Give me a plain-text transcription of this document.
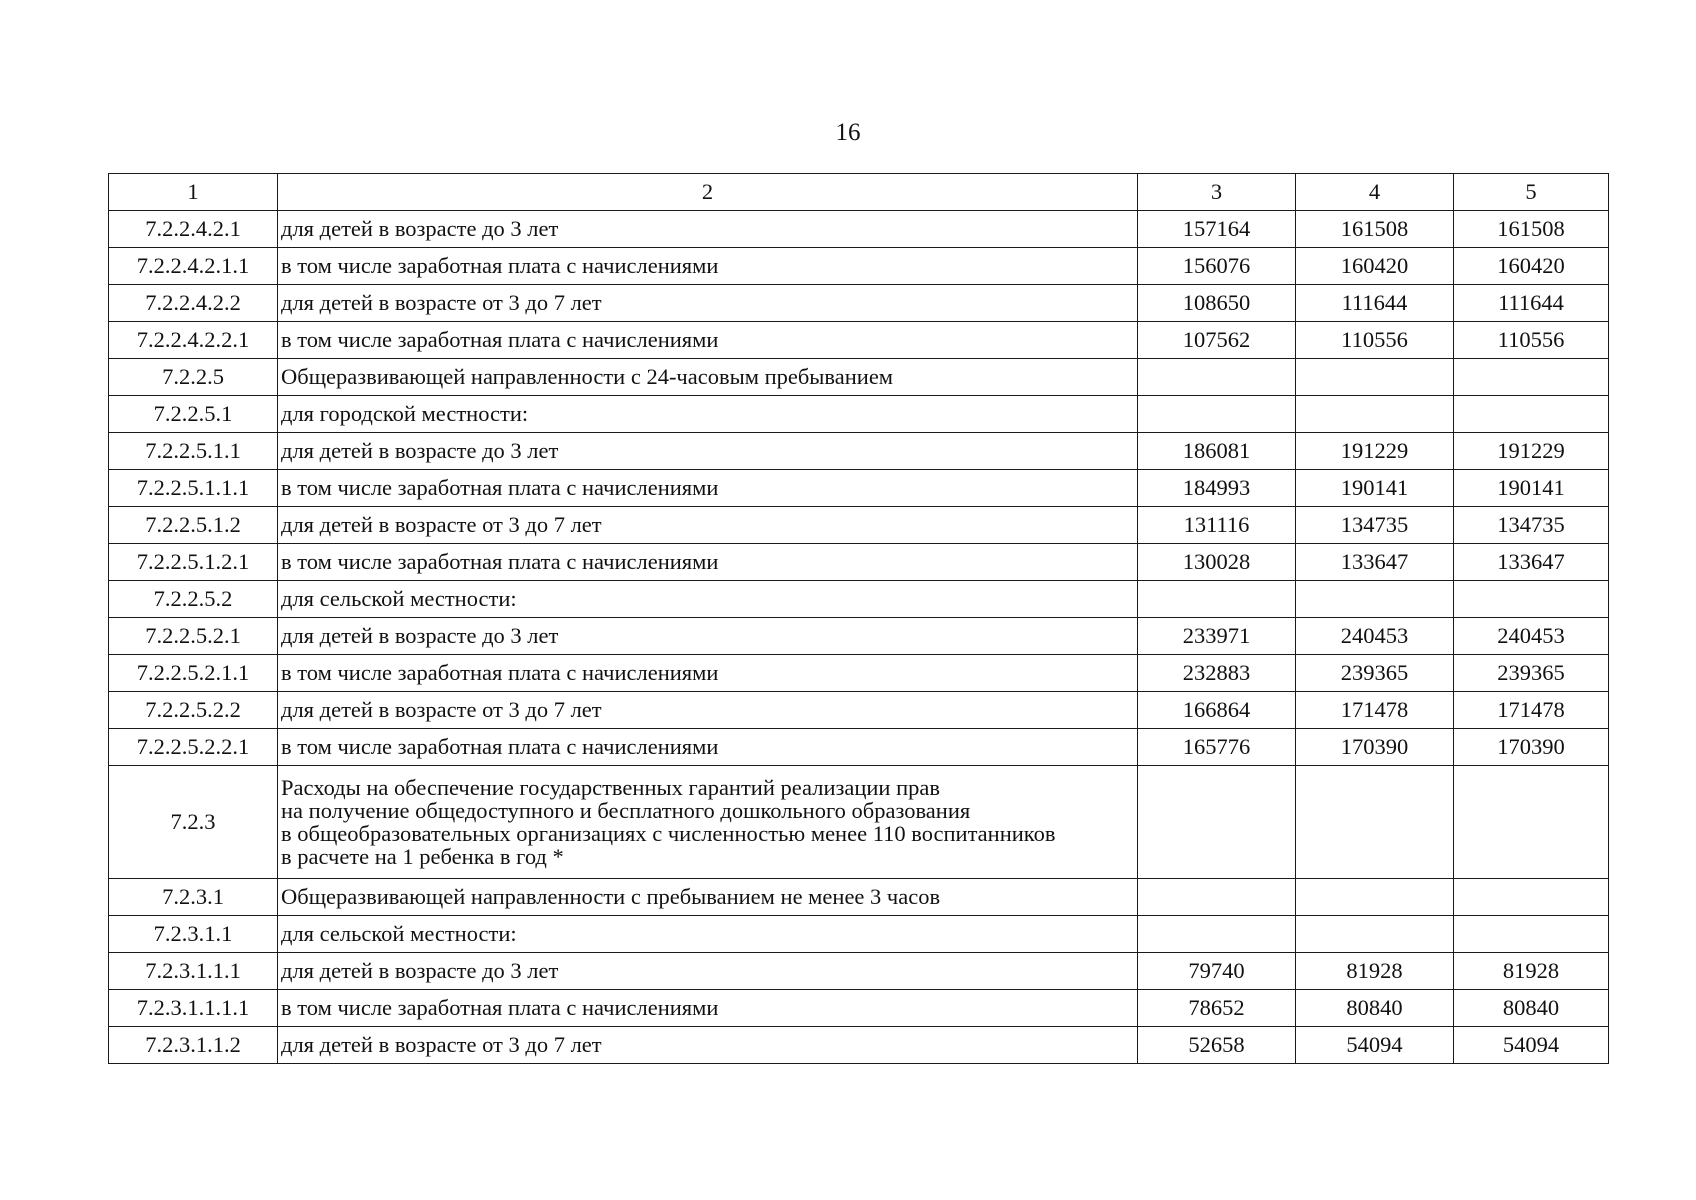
16
1	2	3	4	5
7.2.2.4.2.1	для детей в возрасте до 3 лет	157164	161508	161508
7.2.2.4.2.1.1	в том числе заработная плата с начислениями	156076	160420	160420
7.2.2.4.2.2	для детей в возрасте от 3 до 7 лет	108650	111644	111644
7.2.2.4.2.2.1	в том числе заработная плата с начислениями	107562	110556	110556
7.2.2.5	Общеразвивающей направленности с 24-часовым пребыванием			
7.2.2.5.1	для городской местности:			
7.2.2.5.1.1	для детей в возрасте до 3 лет	186081	191229	191229
7.2.2.5.1.1.1	в том числе заработная плата с начислениями	184993	190141	190141
7.2.2.5.1.2	для детей в возрасте от 3 до 7 лет	131116	134735	134735
7.2.2.5.1.2.1	в том числе заработная плата с начислениями	130028	133647	133647
7.2.2.5.2	для сельской местности:			
7.2.2.5.2.1	для детей в возрасте до 3 лет	233971	240453	240453
7.2.2.5.2.1.1	в том числе заработная плата с начислениями	232883	239365	239365
7.2.2.5.2.2	для детей в возрасте от 3 до 7 лет	166864	171478	171478
7.2.2.5.2.2.1	в том числе заработная плата с начислениями	165776	170390	170390
7.2.3	Расходы на обеспечение государственных гарантий реализации прав
на получение общедоступного и бесплатного дошкольного образования
в общеобразовательных организациях с численностью менее 110 воспитанников
в расчете на 1 ребенка в год *			

7.2.3.1	Общеразвивающей направленности с пребыванием не менее 3 часов			
7.2.3.1.1	для сельской местности:			
7.2.3.1.1.1	для детей в возрасте до 3 лет	79740	81928	81928
7.2.3.1.1.1.1	в том числе заработная плата с начислениями	78652	80840	80840
7.2.3.1.1.2	для детей в возрасте от 3 до 7 лет	52658	54094	54094
